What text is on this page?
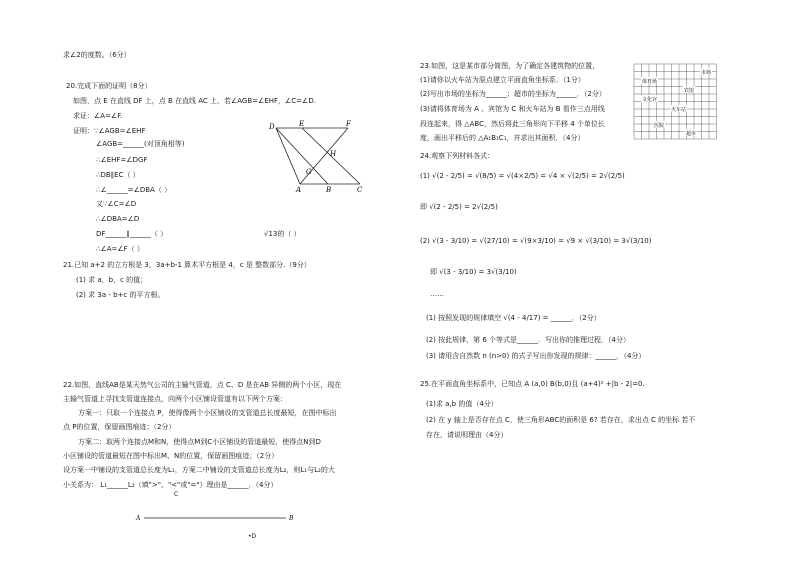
求∠2的度数。（6分）
20.完成下面的证明（8分）
如图，点 E 在直线 DF 上，点 B 在直线 AC 上，若∠AGB=∠EHF，∠C=∠D.
求证：∠A=∠F.
证明：∵∠AGB=∠EHF
∠AGB=______(对顶角相等)
∴∠EHF=∠DGF
∴DB∥EC（ ）
∴∠______=∠DBA（ ）
又∵∠C=∠D
∴∠DBA=∠D
DF______∥______（ ）
∴∠A=∠F（ ）
√13的（ ）
D	E	F
H
G
A	B	C
21.已知 a+2 的立方根是 3，3a+b-1 算术平方根是 4，c 是 整数部分.（9分）
(1) 求 a，b，c 的值；
(2) 求 3a - b+c 的平方根。
22.如图，直线AB是某天然气公司的主输气管道，点 C、D 是在AB 异侧的两个小区，现在
主输气管道上寻找支管道连接点，向两个小区铺设管道有以下两个方案：
方案一：只取一个连接点 P，使得像两个小区铺设的支管道总长度最短，在图中标出
点 P的位置，保留画图痕迹；（2分）
方案二：取两个连接点M和N，使得点M到C小区铺设的管道最短，使得点N到D
小区铺设的管道最短在图中标出M、N的位置，保留画图痕迹；（2分）
设方案一中铺设的支管道总长度为L₁，方案二中铺设的支管道总长度为L₂，则L₁与L₂的大
小关系为： L₁______L₂（填">"、"<"或"="）理由是______．（4分）
C
A	B
•D
23.如图，这是某市部分简图，为了确定各建筑物的位置，
(1)请你以火车站为原点建立平面直角坐标系．（1分）
(2)写出市场的坐标为______；超市的坐标为______．（2分）
(3)请将体育场为 A 、宾馆为 C 和火车站为 B 看作三点用线
段连起来，得 △ABC，然后将此三角形向下平移 4 个单位长
度，画出平移后的 △A₁B₁C₁，并求出其面积．（4分）
市场
体育场
宾馆
文化宫
火车站
医院
超市
24.观察下列材料各式：
(1) √(2 - 2/5) = √(8/5) = √(4×2/5) = √4 × √(2/5) = 2√(2/5)
即 √(2 - 2/5) = 2√(2/5)
(2) √(3 - 3/10) = √(27/10) = √(9×3/10) = √9 × √(3/10) = 3√(3/10)
即 √(3 - 3/10) = 3√(3/10)
……
(1) 按照发现的规律填空 √(4 - 4/17) = ______．（2分）
(2) 按此规律，第 6 个等式是______．写出你的推理过程．（4分）
(3) 请用含自然数 n (n>0) 的式子写出你发现的规律：______．（4分）
25.在平面直角坐标系中，已知点 A (a,0) B(b,0)且 (a+4)² +|b - 2|=0.
(1)求 a,b 的值（4分）
(2) 在 y 轴上是否存在点 C，使三角形ABC的面积是 6? 若存在，求出点 C 的坐标 若不
存在，请说明理由（4分）
